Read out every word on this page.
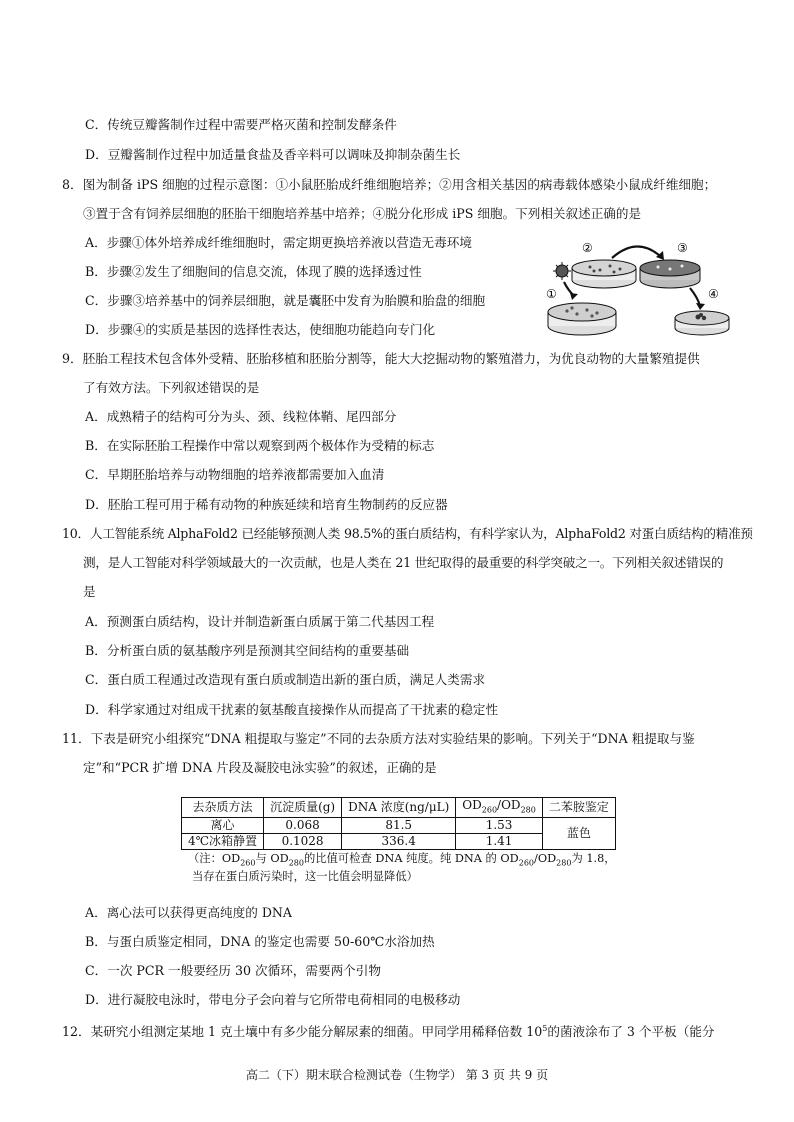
C．传统豆瓣酱制作过程中需要严格灭菌和控制发酵条件
D．豆瓣酱制作过程中加适量食盐及香辛料可以调味及抑制杂菌生长
8．图为制备 iPS 细胞的过程示意图：①小鼠胚胎成纤维细胞培养；②用含相关基因的病毒载体感染小鼠成纤维细胞；
③置于含有饲养层细胞的胚胎干细胞培养基中培养；④脱分化形成 iPS 细胞。下列相关叙述正确的是
A．步骤①体外培养成纤维细胞时，需定期更换培养液以营造无毒环境
B．步骤②发生了细胞间的信息交流，体现了膜的选择透过性
C．步骤③培养基中的饲养层细胞，就是囊胚中发育为胎膜和胎盘的细胞
D．步骤④的实质是基因的选择性表达，使细胞功能趋向专门化
①
②	③
④
9．胚胎工程技术包含体外受精、胚胎移植和胚胎分割等，能大大挖掘动物的繁殖潜力，为优良动物的大量繁殖提供
了有效方法。下列叙述错误的是
A．成熟精子的结构可分为头、颈、线粒体鞘、尾四部分
B．在实际胚胎工程操作中常以观察到两个极体作为受精的标志
C．早期胚胎培养与动物细胞的培养液都需要加入血清
D．胚胎工程可用于稀有动物的种族延续和培育生物制药的反应器
10．人工智能系统 AlphaFold2 已经能够预测人类 98.5%的蛋白质结构，有科学家认为，AlphaFold2 对蛋白质结构的精准预
测，是人工智能对科学领域最大的一次贡献，也是人类在 21 世纪取得的最重要的科学突破之一。下列相关叙述错误的
是
A．预测蛋白质结构，设计并制造新蛋白质属于第二代基因工程
B．分析蛋白质的氨基酸序列是预测其空间结构的重要基础
C．蛋白质工程通过改造现有蛋白质或制造出新的蛋白质，满足人类需求
D．科学家通过对组成干扰素的氨基酸直接操作从而提高了干扰素的稳定性
11．下表是研究小组探究“DNA 粗提取与鉴定”不同的去杂质方法对实验结果的影响。下列关于“DNA 粗提取与鉴
定”和“PCR 扩增 DNA 片段及凝胶电泳实验”的叙述，正确的是
去杂质方法	沉淀质量(g)	DNA 浓度(ng/μL)	$OD_{260}/OD_{280}$	二苯胺鉴定
离心	0.068	81.5	1.53	蓝色
4℃冰箱静置	0.1028	336.4	1.41	
（注：$OD_{260}$与 $OD_{280}$的比值可检查 DNA 纯度。纯 DNA 的 $OD_{260}/OD_{280}$为 1.8，
当存在蛋白质污染时，这一比值会明显降低）
A．离心法可以获得更高纯度的 DNA
B．与蛋白质鉴定相同，DNA 的鉴定也需要 50-60℃水浴加热
C．一次 PCR 一般要经历 30 次循环，需要两个引物
D．进行凝胶电泳时，带电分子会向着与它所带电荷相同的电极移动
12．某研究小组测定某地 1 克土壤中有多少能分解尿素的细菌。甲同学用稀释倍数 $10^5$的菌液涂布了 3 个平板（能分
高二（下）期末联合检测试卷（生物学） 第 3 页 共 9 页
